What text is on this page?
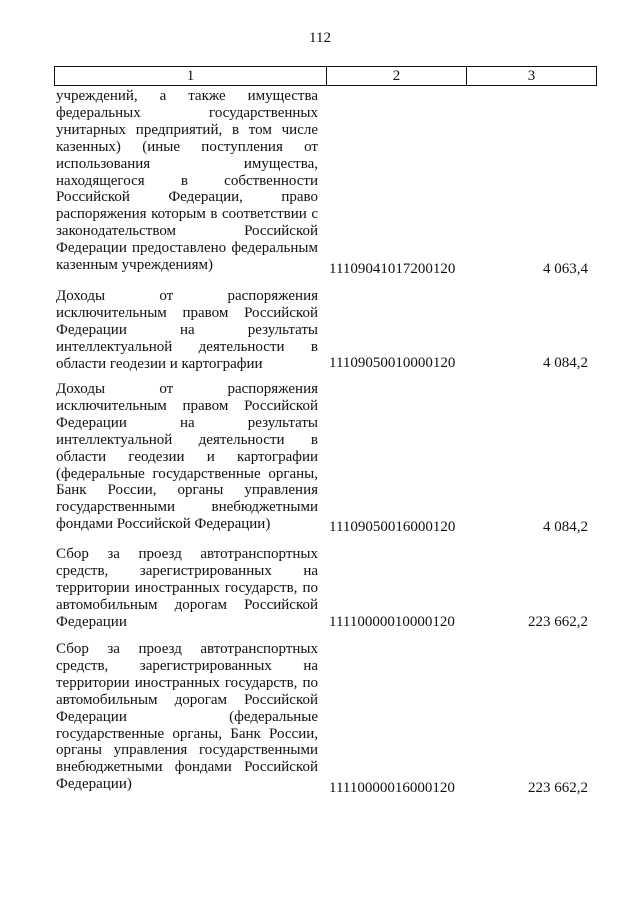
112
1	2	3
учреждений, а также имущества федеральных государственных унитарных предприятий, в том числе казенных) (иные поступления от использования имущества, находящегося в собственности Российской Федерации, право распоряжения которым в соответствии с законодательством Российской Федерации предоставлено федеральным казенным учреждениям)	11109041017200120	4 063,4
Доходы от распоряжения исключительным правом Российской Федерации на результаты интеллектуальной деятельности в области геодезии и картографии	11109050010000120	4 084,2
Доходы от распоряжения исключительным правом Российской Федерации на результаты интеллектуальной деятельности в области геодезии и картографии (федеральные государственные органы, Банк России, органы управления государственными внебюджетными фондами Российской Федерации)	11109050016000120	4 084,2
Сбор за проезд автотранспортных средств, зарегистрированных на территории иностранных государств, по автомобильным дорогам Российской Федерации	11110000010000120	223 662,2
Сбор за проезд автотранспортных средств, зарегистрированных на территории иностранных государств, по автомобильным дорогам Российской Федерации (федеральные государственные органы, Банк России, органы управления государственными внебюджетными фондами Российской Федерации)	11110000016000120	223 662,2
